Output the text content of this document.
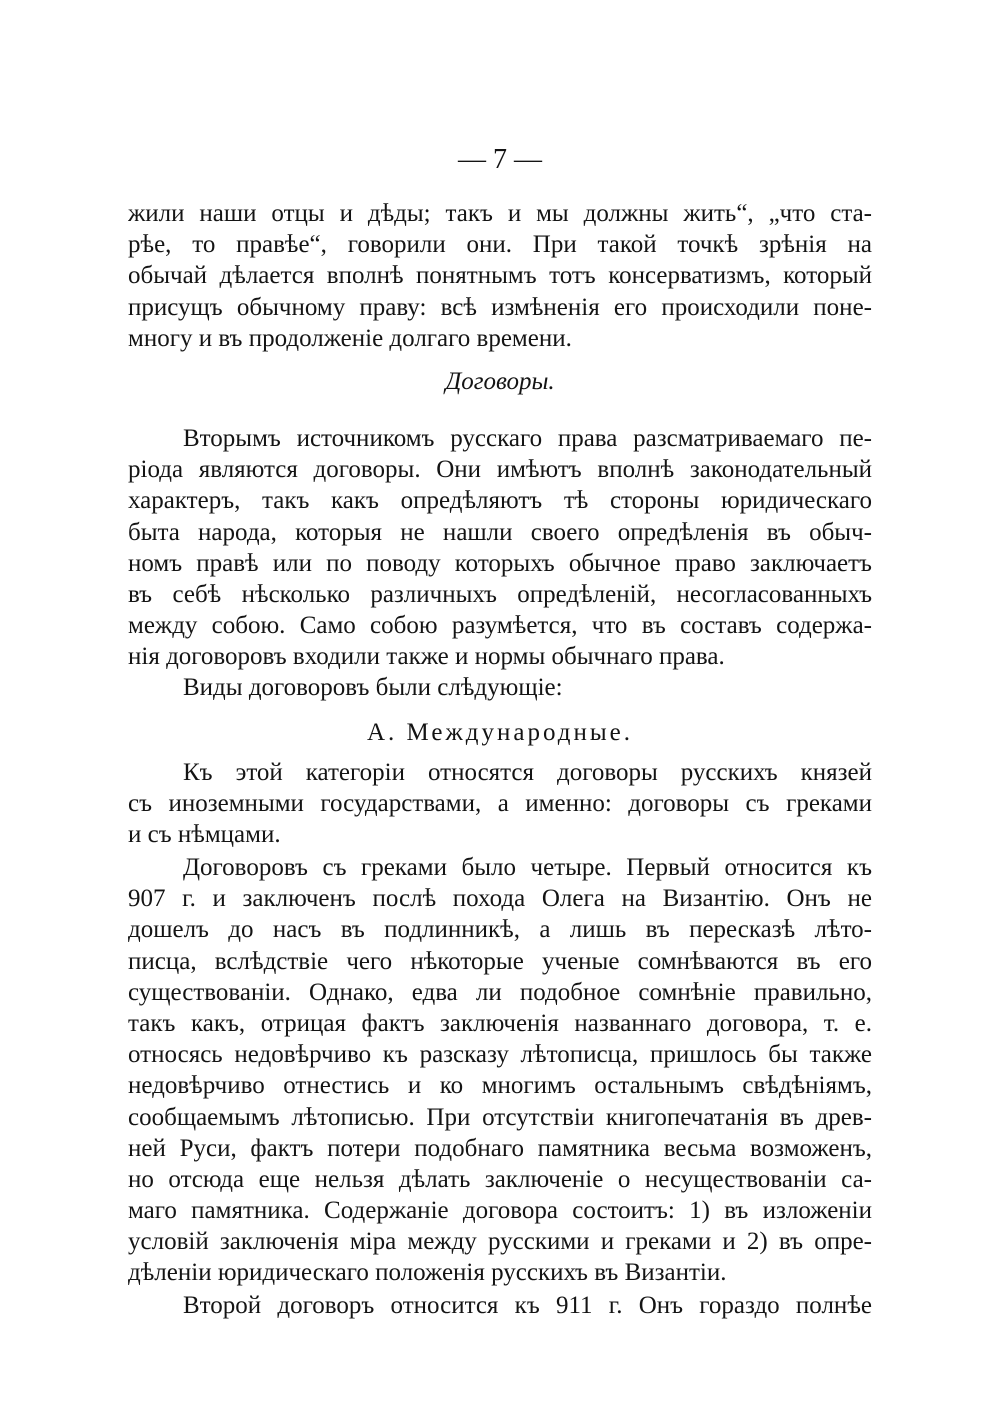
— 7 —
жили наши отцы и дѣды; такъ и мы должны жить“, „что ста-
рѣе, то правѣе“, говорили они. При такой точкѣ зрѣнія на
обычай дѣлается вполнѣ понятнымъ тотъ консерватизмъ, который
присущъ обычному праву: всѣ измѣненія его происходили поне-
многу и въ продолженіе долгаго времени.
Договоры.
Вторымъ источникомъ русскаго права разсматриваемаго пе-
ріода являются договоры. Они имѣютъ вполнѣ законодательный
характеръ, такъ какъ опредѣляютъ тѣ стороны юридическаго
быта народа, которыя не нашли своего опредѣленія въ обыч-
номъ правѣ или по поводу которыхъ обычное право заключаетъ
въ себѣ нѣсколько различныхъ опредѣленій, несогласованныхъ
между собою. Само собою разумѣется, что въ составъ содержа-
нія договоровъ входили также и нормы обычнаго права.
Виды договоровъ были слѣдующіе:
А. Международные.
Къ этой категоріи относятся договоры русскихъ князей
съ иноземными государствами, а именно: договоры съ греками
и съ нѣмцами.
Договоровъ съ греками было четыре. Первый относится къ
907 г. и заключенъ послѣ похода Олега на Византію. Онъ не
дошелъ до насъ въ подлинникѣ, а лишь въ пересказѣ лѣто-
писца, вслѣдствіе чего нѣкоторые ученые сомнѣваются въ его
существованіи. Однако, едва ли подобное сомнѣніе правильно,
такъ какъ, отрицая фактъ заключенія названнаго договора, т. е.
относясь недовѣрчиво къ разсказу лѣтописца, пришлось бы также
недовѣрчиво отнестись и ко многимъ остальнымъ свѣдѣніямъ,
сообщаемымъ лѣтописью. При отсутствіи книгопечатанія въ древ-
ней Руси, фактъ потери подобнаго памятника весьма возможенъ,
но отсюда еще нельзя дѣлать заключеніе о несуществованіи са-
маго памятника. Содержаніе договора состоитъ: 1) въ изложеніи
условій заключенія міра между русскими и греками и 2) въ опре-
дѣленіи юридическаго положенія русскихъ въ Византіи.
Второй договоръ относится къ 911 г. Онъ гораздо полнѣе
